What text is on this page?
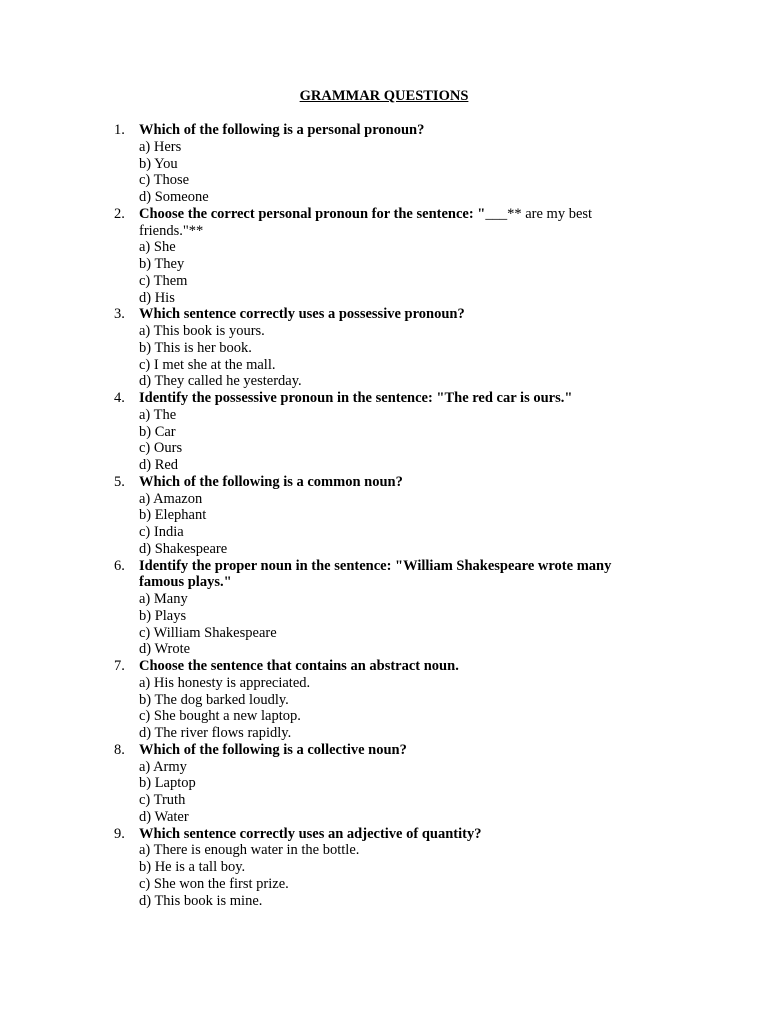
GRAMMAR QUESTIONS
1. Which of the following is a personal pronoun?
a) Hers
b) You
c) Those
d) Someone
2. Choose the correct personal pronoun for the sentence: "___** are my best friends."**
a) She
b) They
c) Them
d) His
3. Which sentence correctly uses a possessive pronoun?
a) This book is yours.
b) This is her book.
c) I met she at the mall.
d) They called he yesterday.
4. Identify the possessive pronoun in the sentence: "The red car is ours."
a) The
b) Car
c) Ours
d) Red
5. Which of the following is a common noun?
a) Amazon
b) Elephant
c) India
d) Shakespeare
6. Identify the proper noun in the sentence: "William Shakespeare wrote many famous plays."
a) Many
b) Plays
c) William Shakespeare
d) Wrote
7. Choose the sentence that contains an abstract noun.
a) His honesty is appreciated.
b) The dog barked loudly.
c) She bought a new laptop.
d) The river flows rapidly.
8. Which of the following is a collective noun?
a) Army
b) Laptop
c) Truth
d) Water
9. Which sentence correctly uses an adjective of quantity?
a) There is enough water in the bottle.
b) He is a tall boy.
c) She won the first prize.
d) This book is mine.
